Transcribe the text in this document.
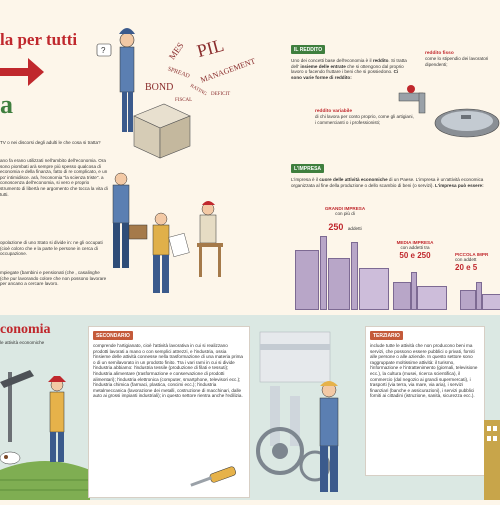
la per tutti
a
TV o nei discorsi degli adulti le che cosa si tratta?
ano fa erano utilizzati nell'ambito dell'economia. Ora sono piombati arà sempre più spesso qualcosa di economia e della finanza, fatto di re complicato, e un po' intimidisce. arà, l'economia "la scienza triste". a conoscenza dell'economia, si vero e proprio strumento di libertà ne argomento che tocca la vita di tutti.
opolazione di uno Stato si divide in: ne gli occupati (cioè coloro che e la parte le persone in cerca di occupazione.
mpiegate (bambini e pensionati (che , casalinghe (che pur lavorando colore che non possono lavorare per ancano a cercare lavoro.
?	PIL
MES
SPREAD
BOND
MANAGEMENT
RATING DEFICIT
FISCAL
IL REDDITO
Uno dei concetti base dell'economia è il reddito. Si tratta dell' insieme delle entrate che si ottengono dal proprio lavoro o facendo fruttare i beni che si possiedono. Ci sono varie forme di reddito:
reddito fisso
come lo stipendio dei lavoratori dipendenti;
reddito variabile
di chi lavora per conto proprio, come gli artigiani, i commercianti o i professionisti;
L'IMPRESA
L'impresa è il cuore delle attività economiche di un Paese. L'impresa è un'attività economica organizzata al fine della produzione o dello scambio di beni (o servizi). L'impresa può essere:
GRANDI IMPRESA
con più di
250 addetti
MEDIA IMPRESA
con addetti tra
50 e 250	PICCOLA IMPR
con addett
20 e 5
conomia
le attività economiche
SECONDARIO
comprende l'artigianato, cioè l'attività lavorativa in cui si realizzano prodotti lavorati a mano o con semplici attrezzi, e l'industria, ossia l'insieme delle attività connesse nella trasformazione di una materia prima o di un semilavorato in un prodotto finito. Tra i vari rami in cui si divide l'industria abbiamo: l'industria tessile (produzione di filati e tessuti); l'industria alimentare (trasformazione e conservazione di prodotti alimentari); l'industria elettronica (computer, smartphone, televisori ecc.); l'industria chimica (farmaci, plastica, concimi ecc.); l'industria metalmeccanica (lavorazione dei metalli, costruzione di macchinari, dalle auto ai grossi impianti industriali); in questo settore rientra anche l'edilizia.
TERZIARIO
include tutte le attività che non producono beni ma servizi, che possono essere pubblici o privati, forniti alle persone o alle aziende. In questo settore sono raggruppate moltissime attività: il turismo, l'informazione e l'intrattenimento (giornali, televisione ecc.), la cultura (musei, ricerca scientifica), il commercio (dal negozio ai grandi supermercati), i trasporti (via terra, via mare, via aria), i servizi finanziari (banche e assicurazioni), i servizi pubblici forniti ai cittadini (istruzione, sanità, sicurezza ecc.).
